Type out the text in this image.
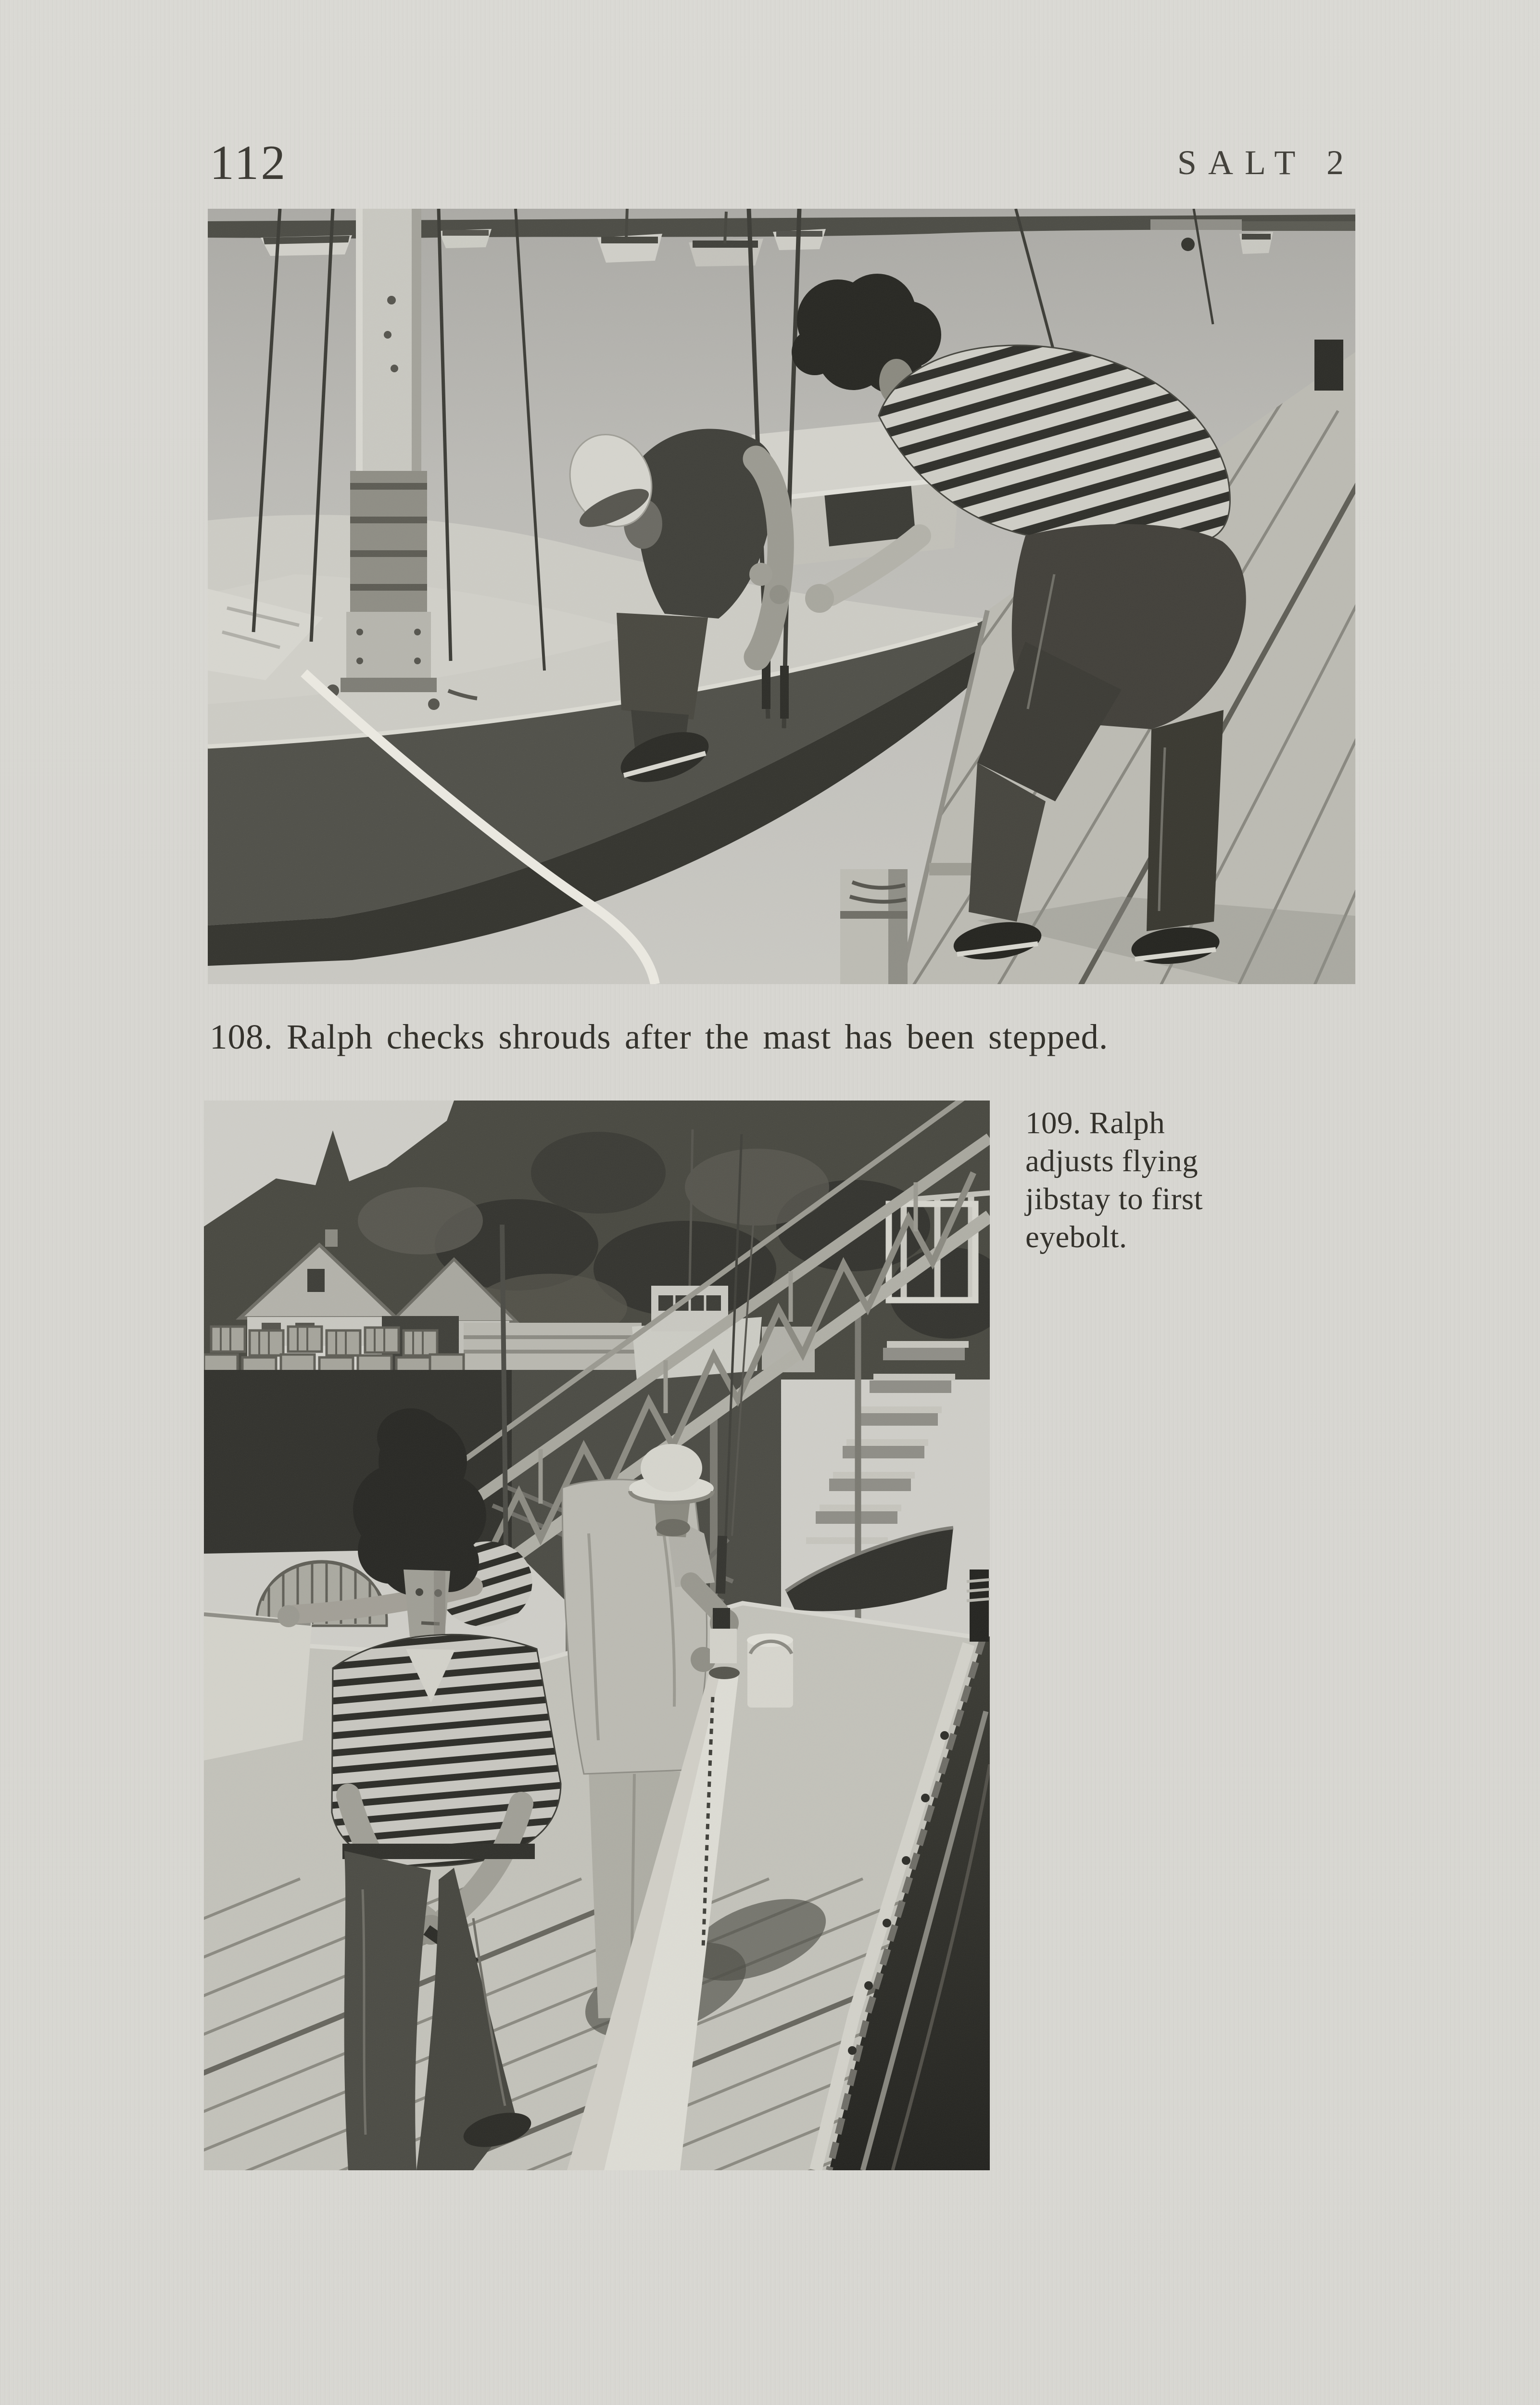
112	SALT 2
108. Ralph checks shrouds after the mast has been stepped.
109. Ralph
adjusts flying
jibstay to first
eyebolt.
